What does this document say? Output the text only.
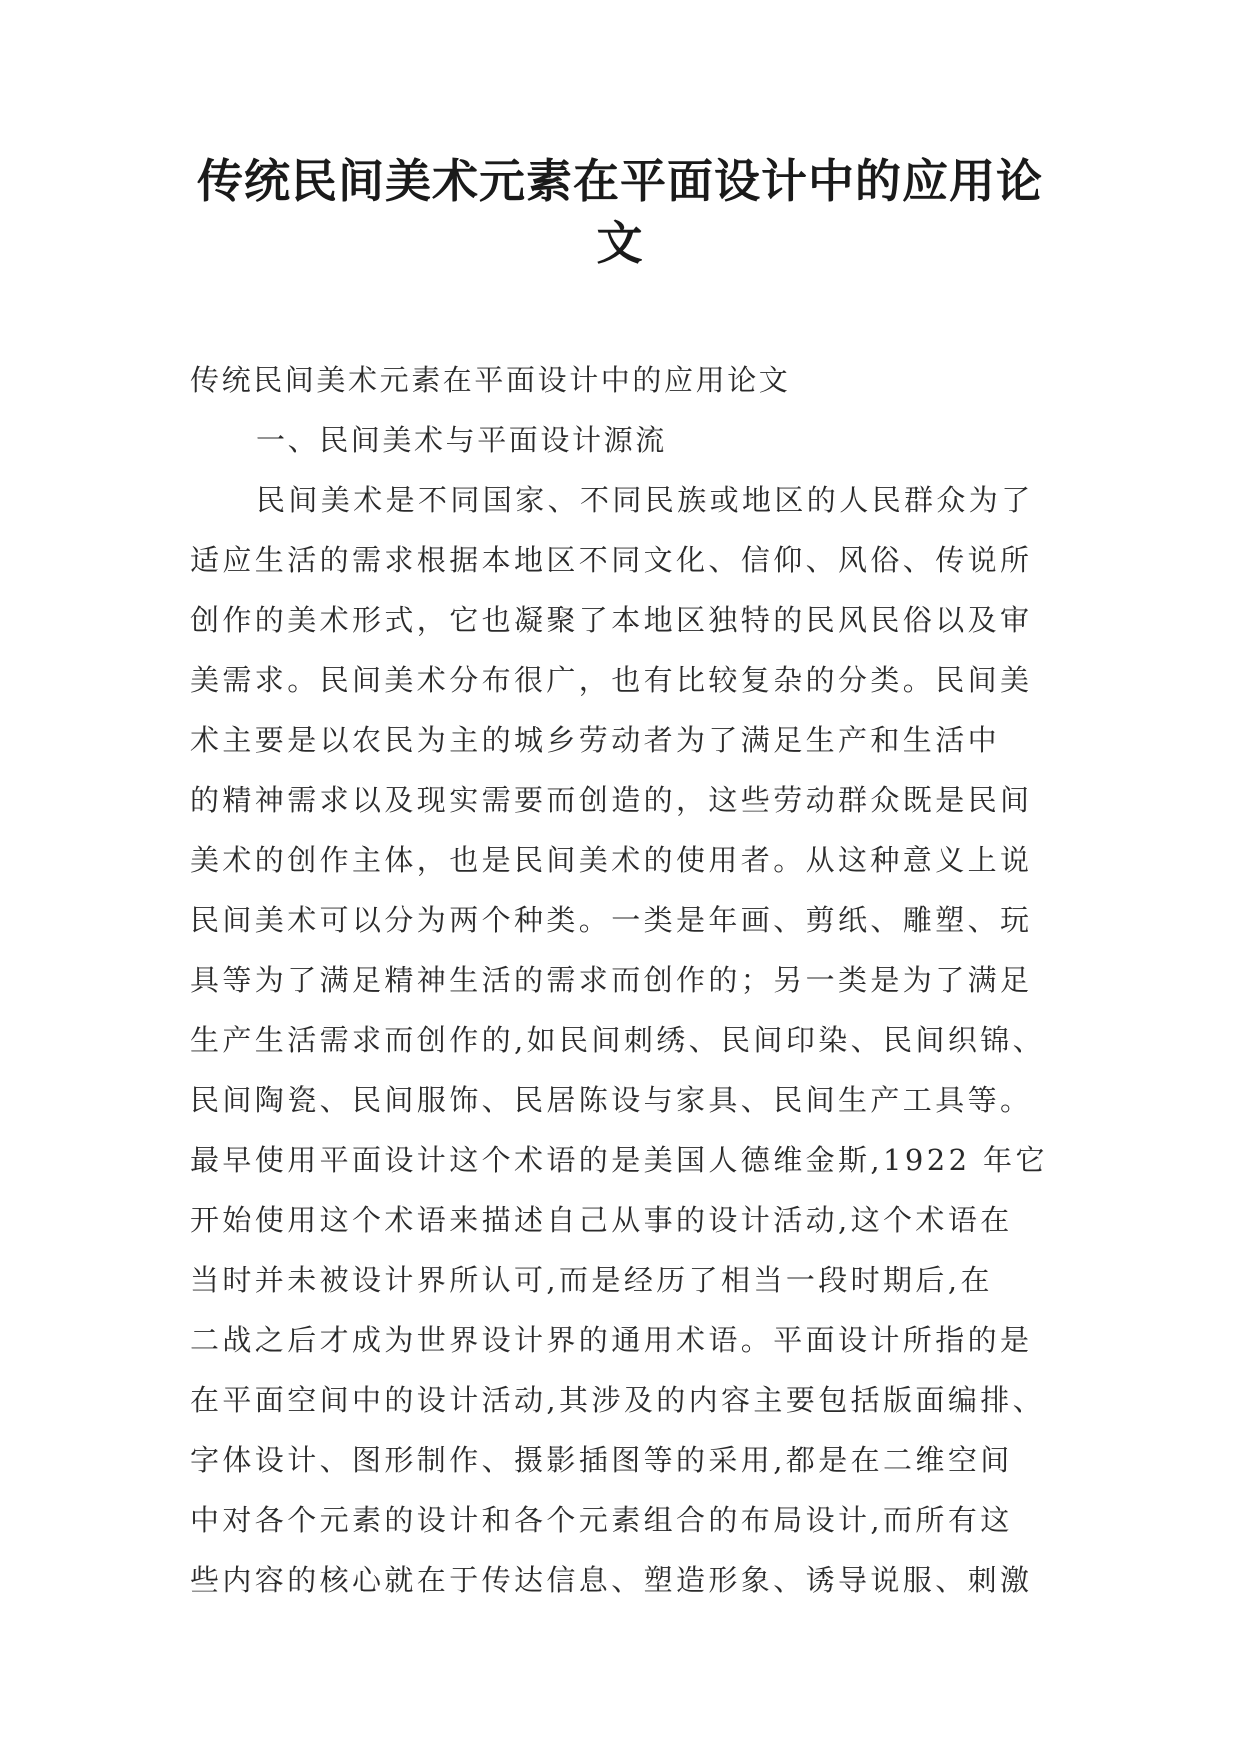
传统民间美术元素在平面设计中的应用论
文

传统民间美术元素在平面设计中的应用论文

一、民间美术与平面设计源流

民间美术是不同国家、不同民族或地区的人民群众为了

适应生活的需求根据本地区不同文化、信仰、风俗、传说所

创作的美术形式，它也凝聚了本地区独特的民风民俗以及审

美需求。民间美术分布很广，也有比较复杂的分类。民间美

术主要是以农民为主的城乡劳动者为了满足生产和生活中

的精神需求以及现实需要而创造的，这些劳动群众既是民间

美术的创作主体，也是民间美术的使用者。从这种意义上说

民间美术可以分为两个种类。一类是年画、剪纸、雕塑、玩

具等为了满足精神生活的需求而创作的；另一类是为了满足

生产生活需求而创作的,如民间刺绣、民间印染、民间织锦、

民间陶瓷、民间服饰、民居陈设与家具、民间生产工具等。

最早使用平面设计这个术语的是美国人德维金斯,1922 年它

开始使用这个术语来描述自己从事的设计活动,这个术语在

当时并未被设计界所认可,而是经历了相当一段时期后,在

二战之后才成为世界设计界的通用术语。平面设计所指的是

在平面空间中的设计活动,其涉及的内容主要包括版面编排、

字体设计、图形制作、摄影插图等的采用,都是在二维空间

中对各个元素的设计和各个元素组合的布局设计,而所有这

些内容的核心就在于传达信息、塑造形象、诱导说服、刺激
